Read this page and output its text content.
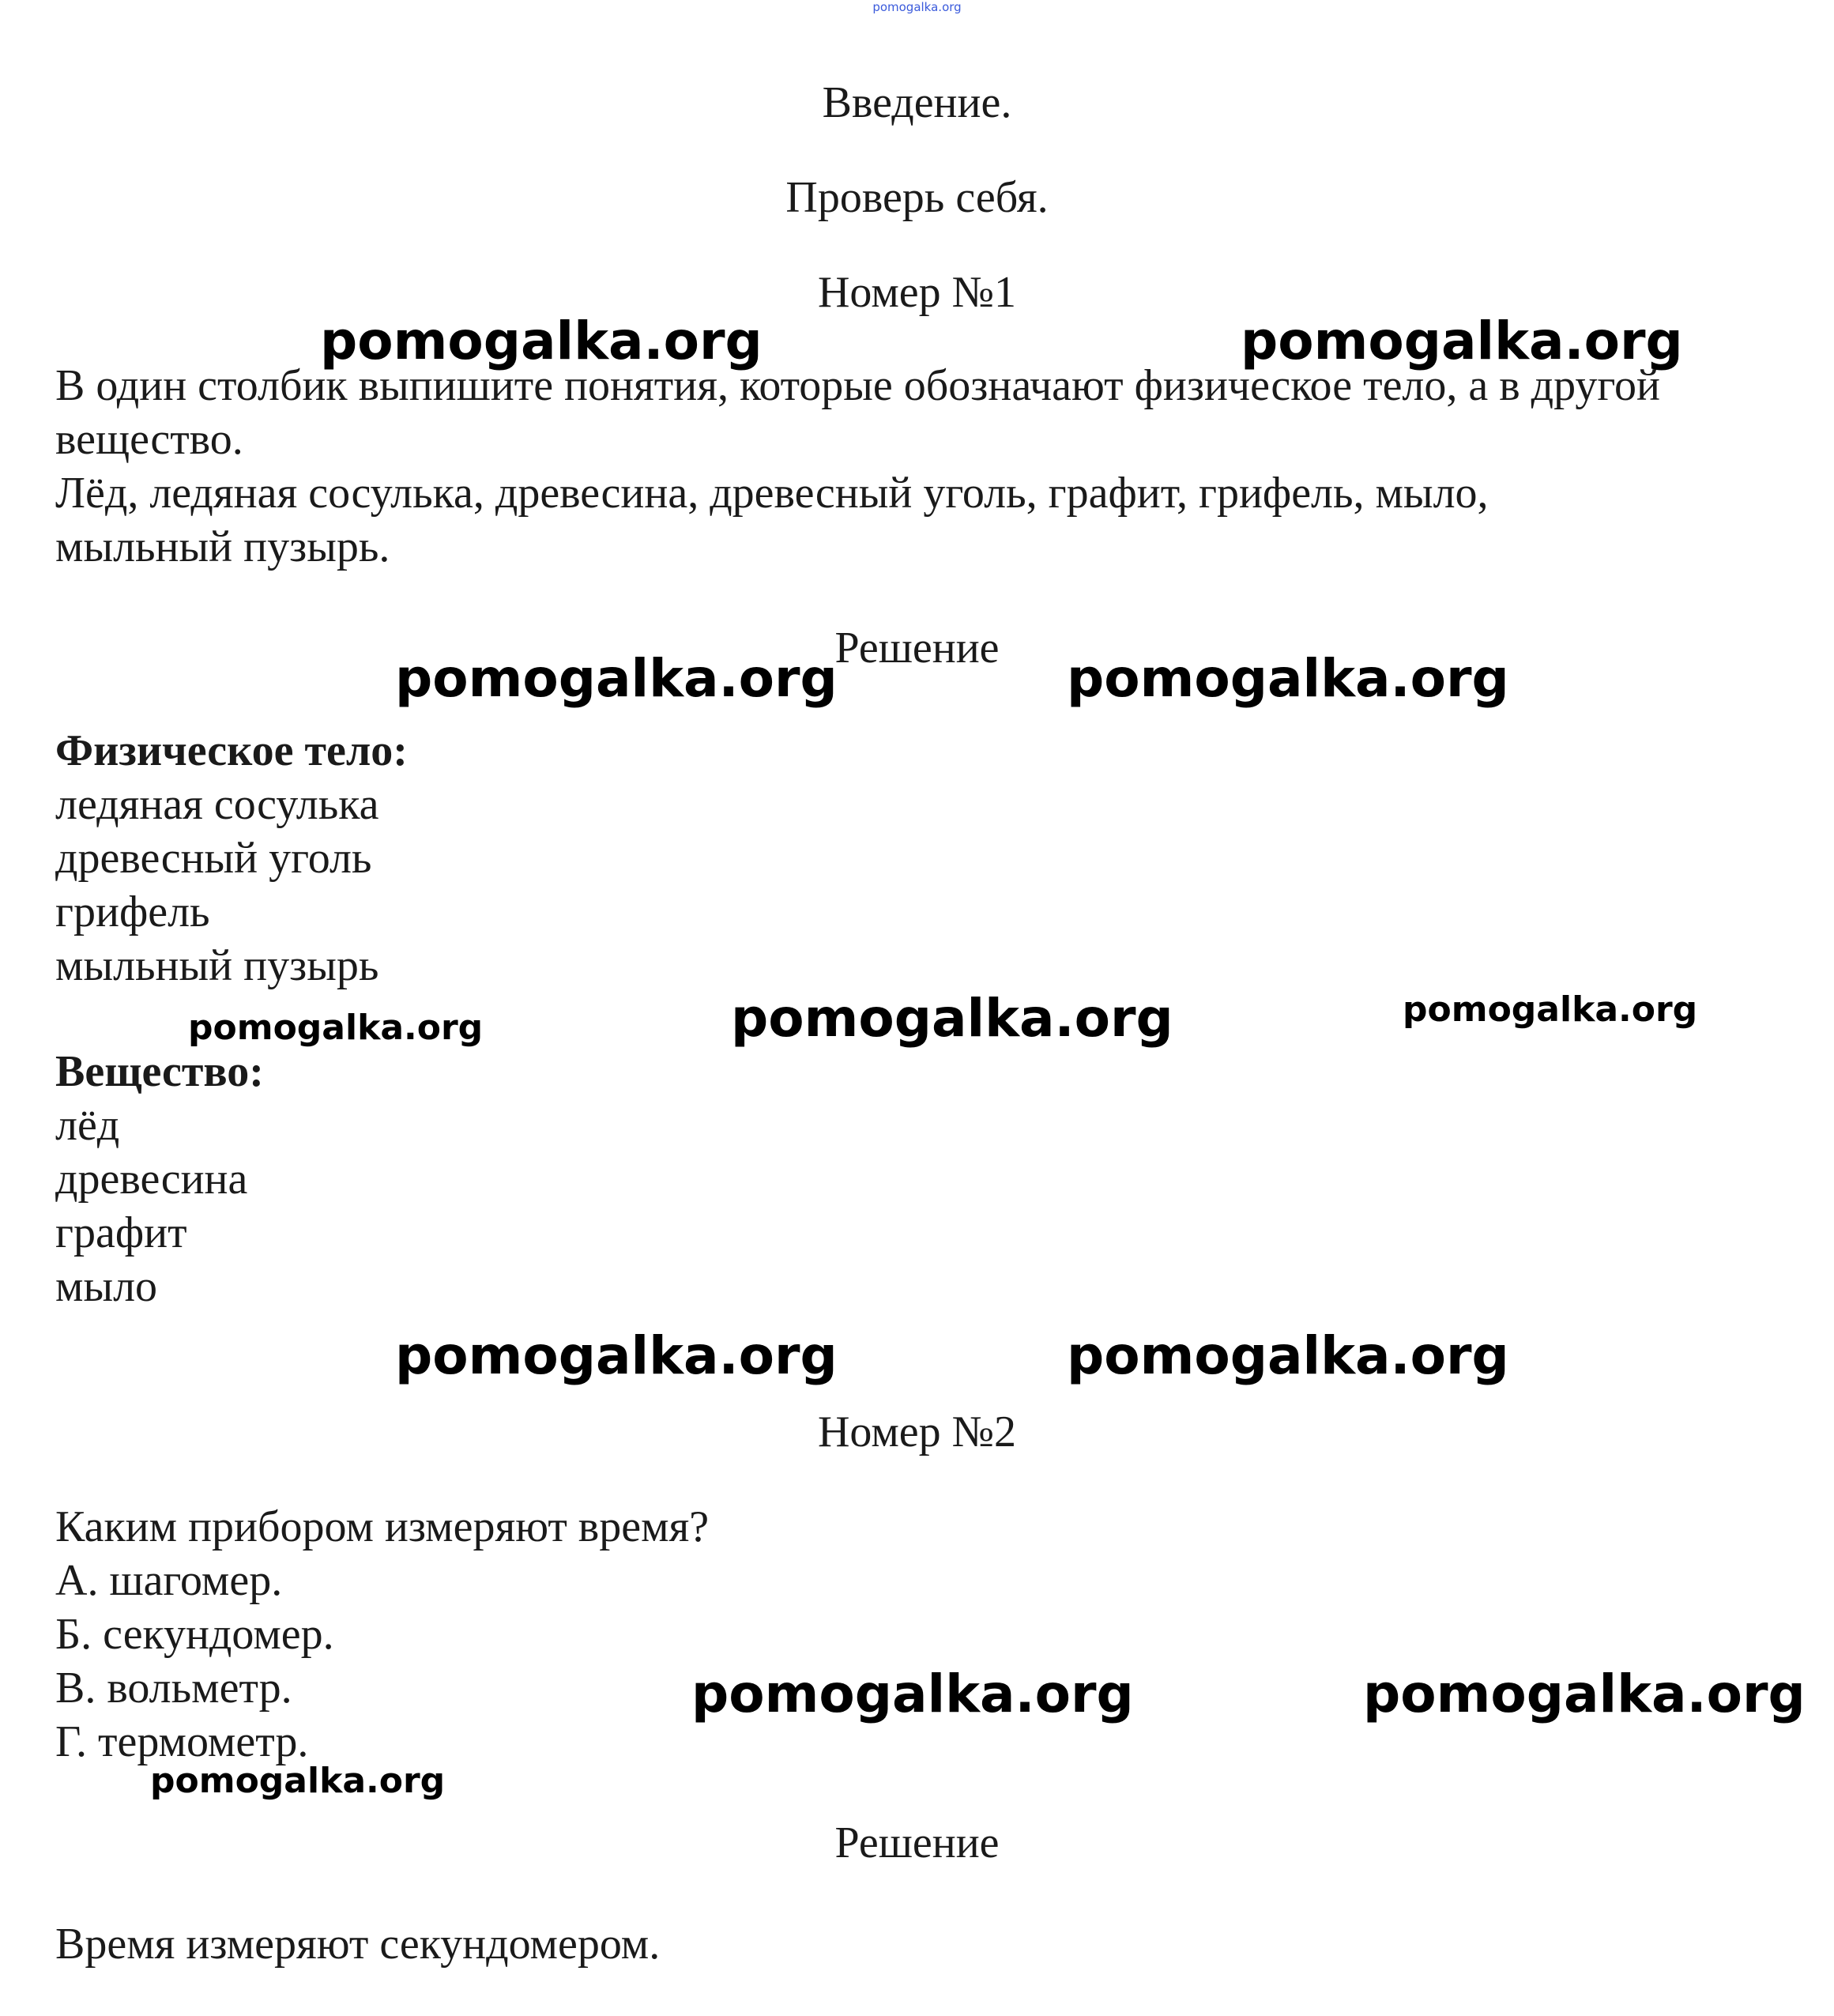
pomogalka.org
Введение.
Проверь себя.
Номер №1
В один столбик выпишите понятия, которые обозначают физическое тело, а в другой
вещество.
Лёд, ледяная сосулька, древесина, древесный уголь, графит, грифель, мыло,
мыльный пузырь.
Решение
Физическое тело:
ледяная сосулька
древесный уголь
грифель
мыльный пузырь
Вещество:
лёд
древесина
графит
мыло
Номер №2
Каким прибором измеряют время?
А. шагомер.
Б. секундомер.
В. вольметр.
Г. термометр.
Решение
Время измеряют секундомером.
pomogalka.org	pomogalka.org
pomogalka.org	pomogalka.org
pomogalka.org	pomogalka.org	pomogalka.org
pomogalka.org	pomogalka.org
pomogalka.org	pomogalka.org
pomogalka.org
